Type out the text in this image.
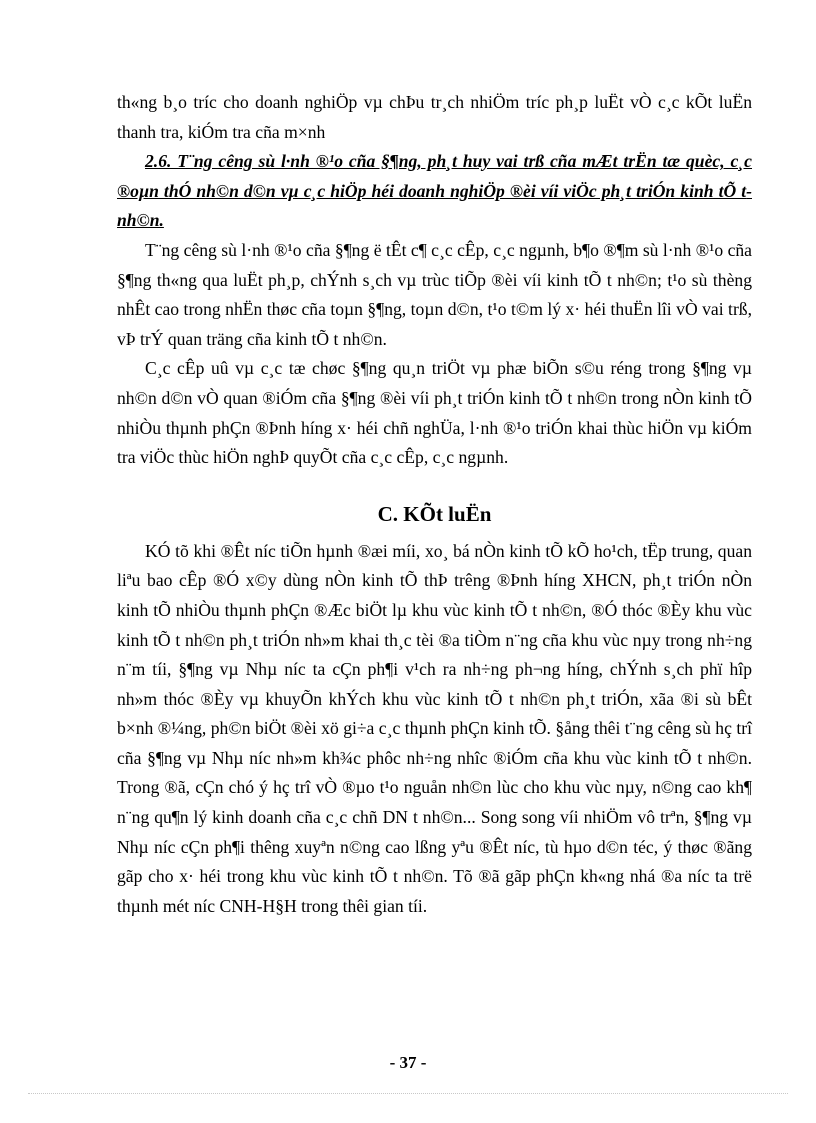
th«ng b¸o tríc cho doanh nghiÖp vµ chÞu tr¸ch nhiÖm tríc ph¸p luËt vÒ c¸c kÕt luËn thanh tra, kiÓm tra cña m×nh

2.6. T¨ng cêng sù l·nh ®¹o cña §¶ng, ph¸t huy vai trß cña mÆt trËn tæ quèc, c¸c ®oµn thÓ nh©n d©n vµ c¸c hiÖp héi doanh nghiÖp ®èi víi viÖc ph¸t triÓn kinh tÕ t nh©n.

T¨ng cêng sù l·nh ®¹o cña §¶ng ë tÊt c¶ c¸c cÊp, c¸c ngµnh, b¶o ®¶m sù l·nh ®¹o cña §¶ng th«ng qua luËt ph¸p, chÝnh s¸ch vµ trùc tiÕp ®èi víi kinh tÕ t nh©n; t¹o sù thèng nhÊt cao trong nhËn thøc cña toµn §¶ng, toµn d©n, t¹o t©m lý x· héi thuËn lîi vÒ vai trß, vÞ trÝ quan träng cña kinh tÕ t nh©n.

C¸c cÊp uû vµ c¸c tæ chøc §¶ng qu¸n triÖt vµ phæ biÕn s©u réng trong §¶ng vµ nh©n d©n vÒ quan ®iÓm cña §¶ng ®èi víi ph¸t triÓn kinh tÕ t nh©n trong nÒn kinh tÕ nhiÒu thµnh phÇn ®Þnh híng x· héi chñ nghÜa, l·nh ®¹o triÓn khai thùc hiÖn vµ kiÓm tra viÖc thùc hiÖn nghÞ quyÕt cña c¸c cÊp, c¸c ngµnh.

C. KÕt luËn

KÓ tõ khi ®Êt níc tiÕn hµnh ®æi míi, xo¸ bá nÒn kinh tÕ kÕ ho¹ch, tËp trung, quan liªu bao cÊp ®Ó x©y dùng nÒn kinh tÕ thÞ trêng ®Þnh híng XHCN, ph¸t triÓn nÒn kinh tÕ nhiÒu thµnh phÇn ®Æc biÖt lµ khu vùc kinh tÕ t nh©n, ®Ó thóc ®Èy khu vùc kinh tÕ t nh©n ph¸t triÓn nh»m khai th¸c tèi ®a tiÒm n¨ng cña khu vùc nµy trong nh÷ng n¨m tíi, §¶ng vµ Nhµ níc ta cÇn ph¶i v¹ch ra nh÷ng ph¬ng híng, chÝnh s¸ch phï hîp nh»m thóc ®Èy vµ khuyÕn khÝch khu vùc kinh tÕ t nh©n ph¸t triÓn, xãa ®i sù bÊt b×nh ®¼ng, ph©n biÖt ®èi xö gi÷a c¸c thµnh phÇn kinh tÕ. §ång thêi t¨ng cêng sù hç trî cña §¶ng vµ Nhµ níc nh»m kh¾c phôc nh÷ng nhîc ®iÓm cña khu vùc kinh tÕ t nh©n. Trong ®ã, cÇn chó ý hç trî vÒ ®µo t¹o nguån nh©n lùc cho khu vùc nµy, n©ng cao kh¶ n¨ng qu¶n lý kinh doanh cña c¸c chñ DN t nh©n... Song song víi nhiÖm vô trªn, §¶ng vµ Nhµ níc cÇn ph¶i thêng xuyªn n©ng cao lßng yªu ®Êt níc, tù hµo d©n téc, ý thøc ®ãng gãp cho x· héi trong khu vùc kinh tÕ t nh©n. Tõ ®ã gãp phÇn kh«ng nhá ®a níc ta trë thµnh mét níc CNH-H§H trong thêi gian tíi.

- 37 -
